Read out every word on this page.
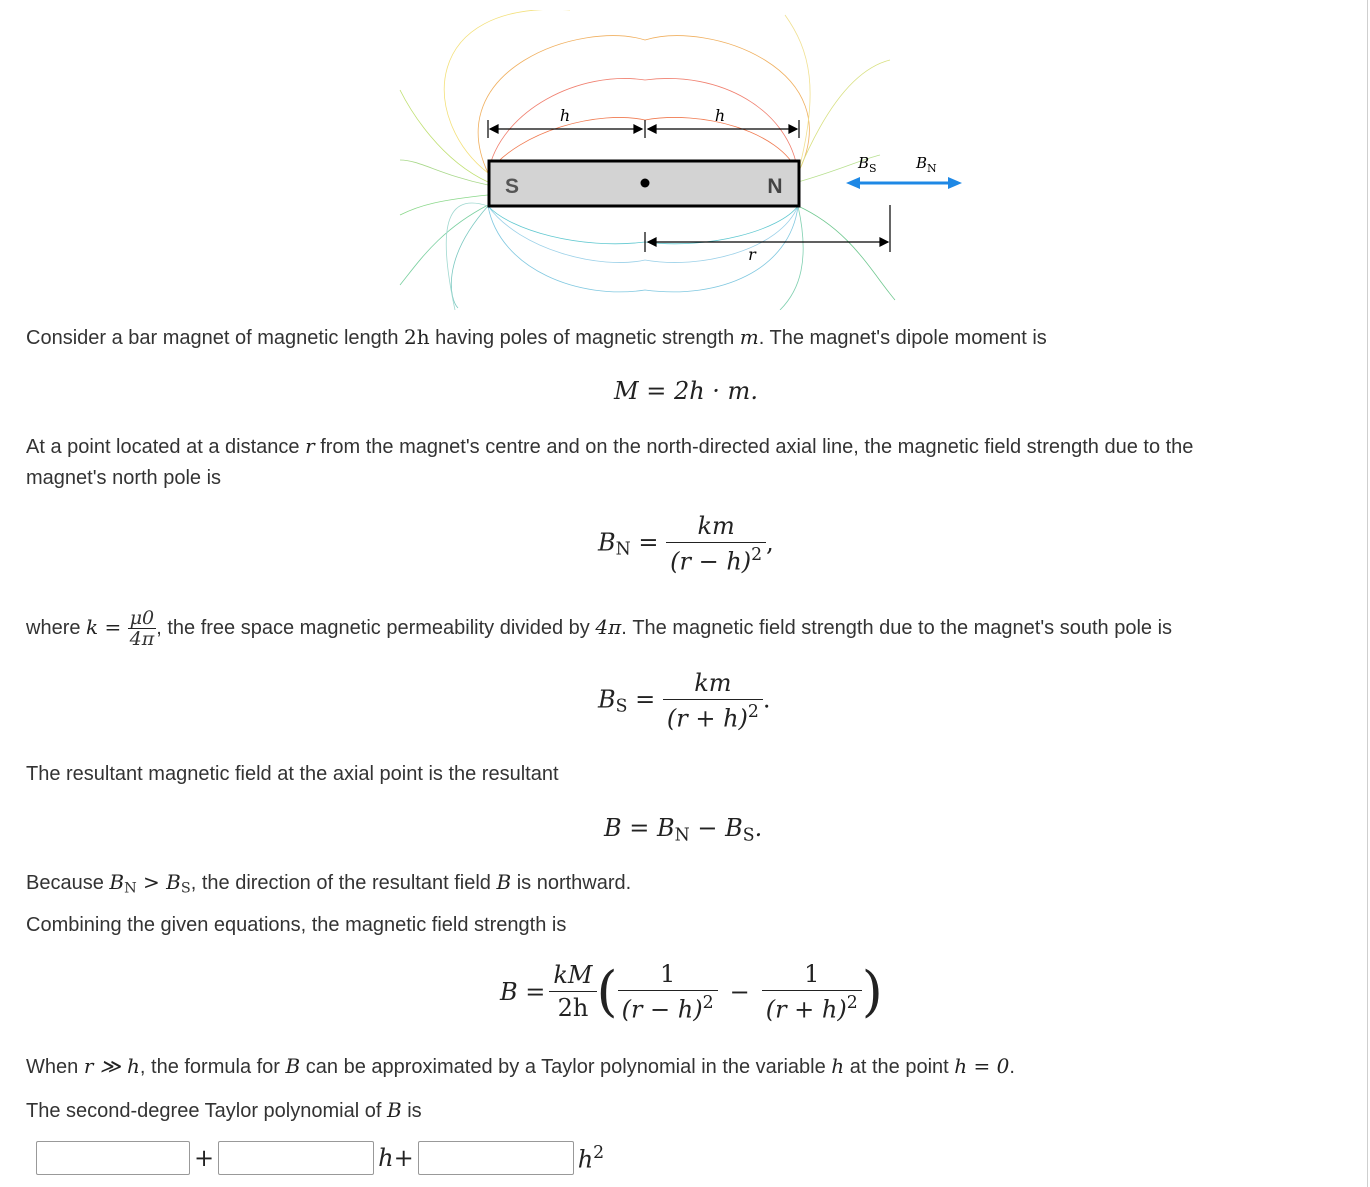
S	N
h	h
r
$B_S$	$B_N$
Consider a bar magnet of magnetic length 2h having poles of magnetic strength m. The magnet's dipole moment is
M = 2h · m.
At a point located at a distance r from the magnet's centre and on the north-directed axial line, the magnetic field strength due to the
magnet's north pole is
$B_N = \frac{km}{(r - h)^2}$ ,
where $k = \frac{\mu 0}{4\pi}$ , the free space magnetic permeability divided by 4π. The magnetic field strength due to the magnet's south pole is
$B_S = \frac{km}{(r + h)^2}$ .
The resultant magnetic field at the axial point is the resultant
$B = B_N - B_S$.
Because $B_N > B_S$, the direction of the resultant field B is northward.
Combining the given equations, the magnetic field strength is
$B = \frac{kM}{2h}$ ( $\frac{1}{(r - h)^2} - \frac{1}{(r + h)^2}$ )
When r ≫ h, the formula for B can be approximated by a Taylor polynomial in the variable h at the point h = 0.
The second-degree Taylor polynomial of B is
+	h+	$h^2$
